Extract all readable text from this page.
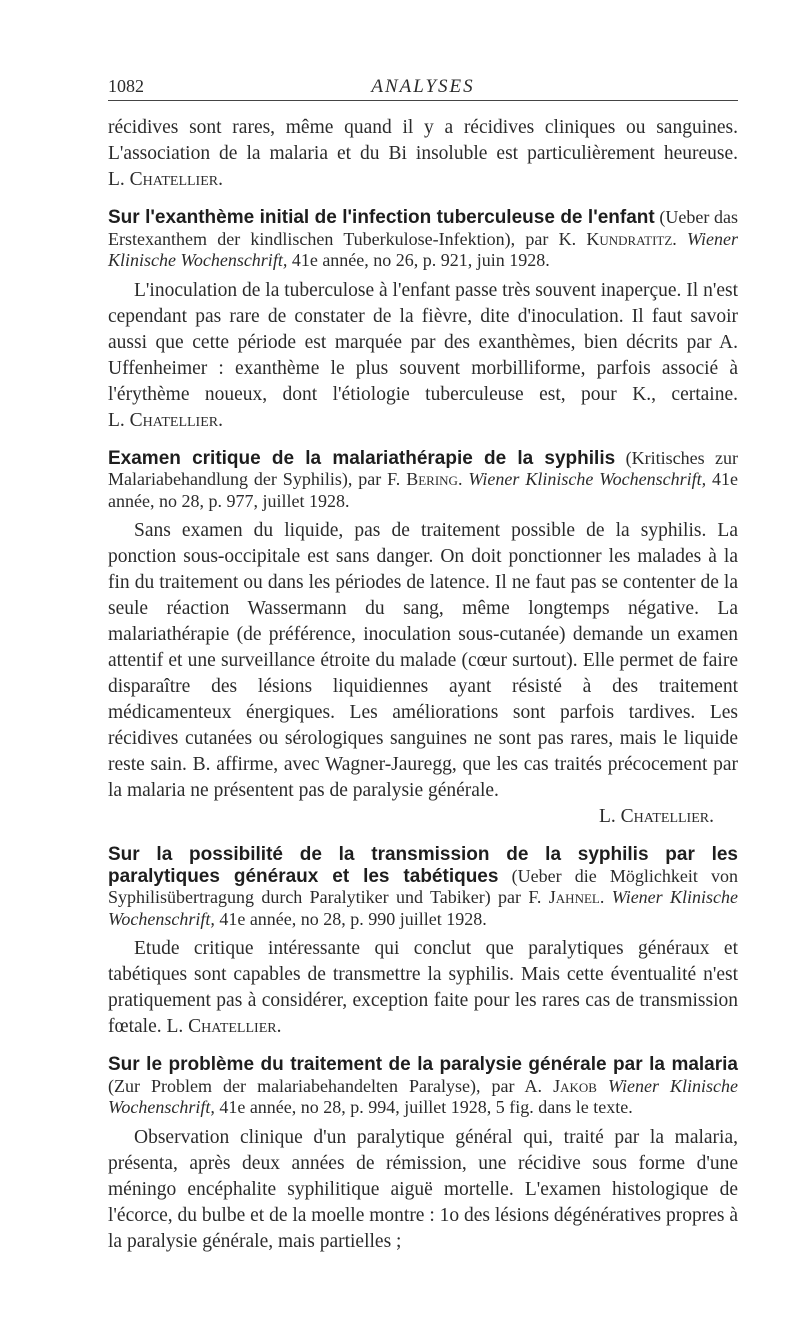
1082	ANALYSES

récidives sont rares, même quand il y a récidives cliniques ou sanguines. L'association de la malaria et du Bi insoluble est particulièrement heureuse. L. Chatellier.

Sur l'exanthème initial de l'infection tuberculeuse de l'enfant (Ueber das Erstexanthem der kindlischen Tuberkulose-Infektion), par K. Kundratitz. Wiener Klinische Wochenschrift, 41e année, no 26, p. 921, juin 1928.

L'inoculation de la tuberculose à l'enfant passe très souvent inaperçue. Il n'est cependant pas rare de constater de la fièvre, dite d'inoculation. Il faut savoir aussi que cette période est marquée par des exanthèmes, bien décrits par A. Uffenheimer : exanthème le plus souvent morbilliforme, parfois associé à l'érythème noueux, dont l'étiologie tuberculeuse est, pour K., certaine. L. Chatellier.

Examen critique de la malariathérapie de la syphilis (Kritisches zur Malariabehandlung der Syphilis), par F. Bering. Wiener Klinische Wochenschrift, 41e année, no 28, p. 977, juillet 1928.

Sans examen du liquide, pas de traitement possible de la syphilis. La ponction sous-occipitale est sans danger. On doit ponctionner les malades à la fin du traitement ou dans les périodes de latence. Il ne faut pas se contenter de la seule réaction Wassermann du sang, même longtemps négative. La malariathérapie (de préférence, inoculation sous-cutanée) demande un examen attentif et une surveillance étroite du malade (cœur surtout). Elle permet de faire disparaître des lésions liquidiennes ayant résisté à des traitement médicamenteux énergiques. Les améliorations sont parfois tardives. Les récidives cutanées ou sérologiques sanguines ne sont pas rares, mais le liquide reste sain. B. affirme, avec Wagner-Jauregg, que les cas traités précocement par la malaria ne présentent pas de paralysie générale.

L. Chatellier.
Sur la possibilité de la transmission de la syphilis par les paralytiques généraux et les tabétiques (Ueber die Möglichkeit von Syphilisübertragung durch Paralytiker und Tabiker) par F. Jahnel. Wiener Klinische Wochenschrift, 41e année, no 28, p. 990 juillet 1928.

Etude critique intéressante qui conclut que paralytiques généraux et tabétiques sont capables de transmettre la syphilis. Mais cette éventualité n'est pratiquement pas à considérer, exception faite pour les rares cas de transmission fœtale. L. Chatellier.

Sur le problème du traitement de la paralysie générale par la malaria (Zur Problem der malariabehandelten Paralyse), par A. Jakob Wiener Klinische Wochenschrift, 41e année, no 28, p. 994, juillet 1928, 5 fig. dans le texte.

Observation clinique d'un paralytique général qui, traité par la malaria, présenta, après deux années de rémission, une récidive sous forme d'une méningo encéphalite syphilitique aiguë mortelle. L'examen histologique de l'écorce, du bulbe et de la moelle montre : 1o des lésions dégénératives propres à la paralysie générale, mais partielles ;
